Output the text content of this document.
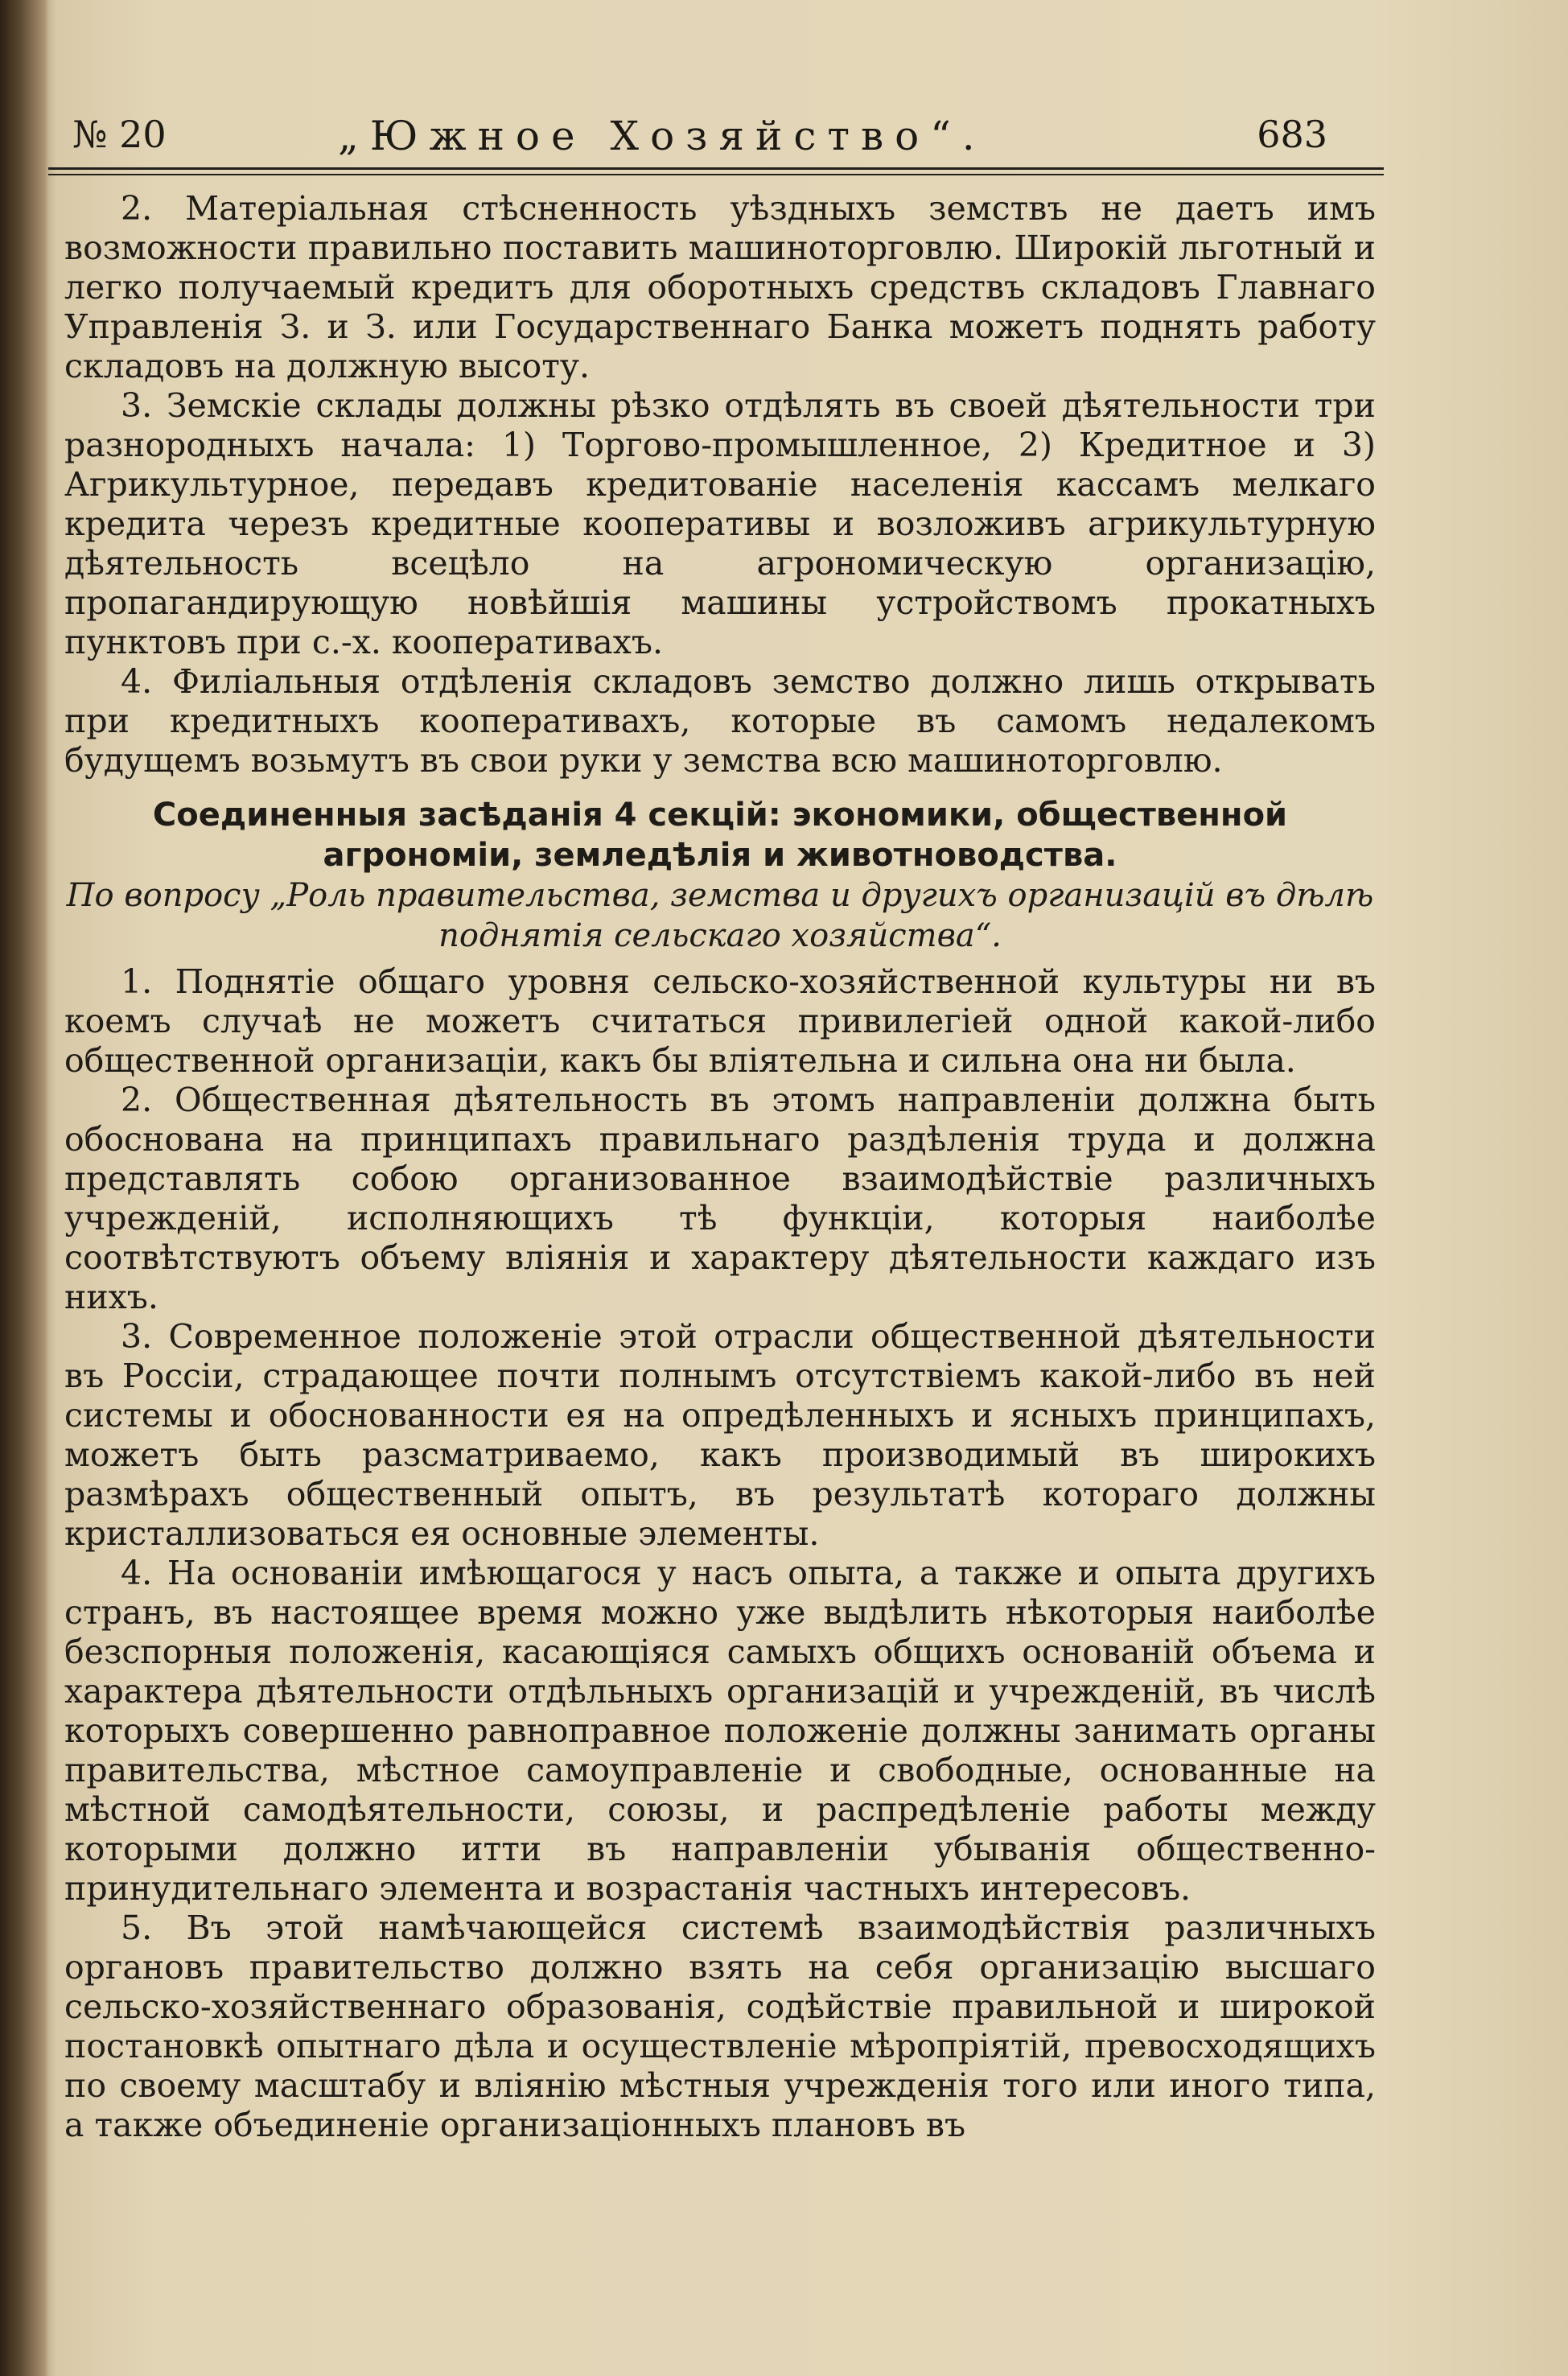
№ 20	„Южное Хозяйство“.	683

2. Матеріальная стѣсненность уѣздныхъ земствъ не даетъ имъ возможности правильно поставить машиноторговлю. Широкій льготный и легко получаемый кредитъ для оборотныхъ средствъ складовъ Главнаго Управленія З. и З. или Государственнаго Банка можетъ поднять работу складовъ на должную высоту.

3. Земскіе склады должны рѣзко отдѣлять въ своей дѣятельности три разнородныхъ начала: 1) Торгово-промышленное, 2) Кредитное и 3) Агрикультурное, передавъ кредитованіе населенія кассамъ мелкаго кредита черезъ кредитные кооперативы и возложивъ агрикультурную дѣятельность всецѣло на агрономическую организацію, пропагандирующую новѣйшія машины устройствомъ прокатныхъ пунктовъ при с.-х. кооперативахъ.

4. Филіальныя отдѣленія складовъ земство должно лишь открывать при кредитныхъ кооперативахъ, которые въ самомъ недалекомъ будущемъ возьмутъ въ свои руки у земства всю машиноторговлю.

Соединенныя засѣданія 4 секцій: экономики, общественной агрономіи, земледѣлія и животноводства.
По вопросу „Роль правительства, земства и другихъ организацій въ дѣлѣ поднятія сельскаго хозяйства“.

1. Поднятіе общаго уровня сельско-хозяйственной культуры ни въ коемъ случаѣ не можетъ считаться привилегіей одной какой-либо общественной организаціи, какъ бы вліятельна и сильна она ни была.

2. Общественная дѣятельность въ этомъ направленіи должна быть обоснована на принципахъ правильнаго раздѣленія труда и должна представлять собою организованное взаимодѣйствіе различныхъ учрежденій, исполняющихъ тѣ функціи, которыя наиболѣе соотвѣтствуютъ объему вліянія и характеру дѣятельности каждаго изъ нихъ.

3. Современное положеніе этой отрасли общественной дѣятельности въ Россіи, страдающее почти полнымъ отсутствіемъ какой-либо въ ней системы и обоснованности ея на опредѣленныхъ и ясныхъ принципахъ, можетъ быть разсматриваемо, какъ производимый въ широкихъ размѣрахъ общественный опытъ, въ результатѣ котораго должны кристаллизоваться ея основные элементы.

4. На основаніи имѣющагося у насъ опыта, а также и опыта другихъ странъ, въ настоящее время можно уже выдѣлить нѣкоторыя наиболѣе безспорныя положенія, касающіяся самыхъ общихъ основаній объема и характера дѣятельности отдѣльныхъ организацій и учрежденій, въ числѣ которыхъ совершенно равноправное положеніе должны занимать органы правительства, мѣстное самоуправленіе и свободные, основанные на мѣстной самодѣятельности, союзы, и распредѣленіе работы между которыми должно итти въ направленіи убыванія общественно-принудительнаго элемента и возрастанія частныхъ интересовъ.

5. Въ этой намѣчающейся системѣ взаимодѣйствія различныхъ органовъ правительство должно взять на себя организацію высшаго сельско-хозяйственнаго образованія, содѣйствіе правильной и широкой постановкѣ опытнаго дѣла и осуществленіе мѣропріятій, превосходящихъ по своему масштабу и вліянію мѣстныя учрежденія того или иного типа, а также объединеніе организаціонныхъ плановъ въ
